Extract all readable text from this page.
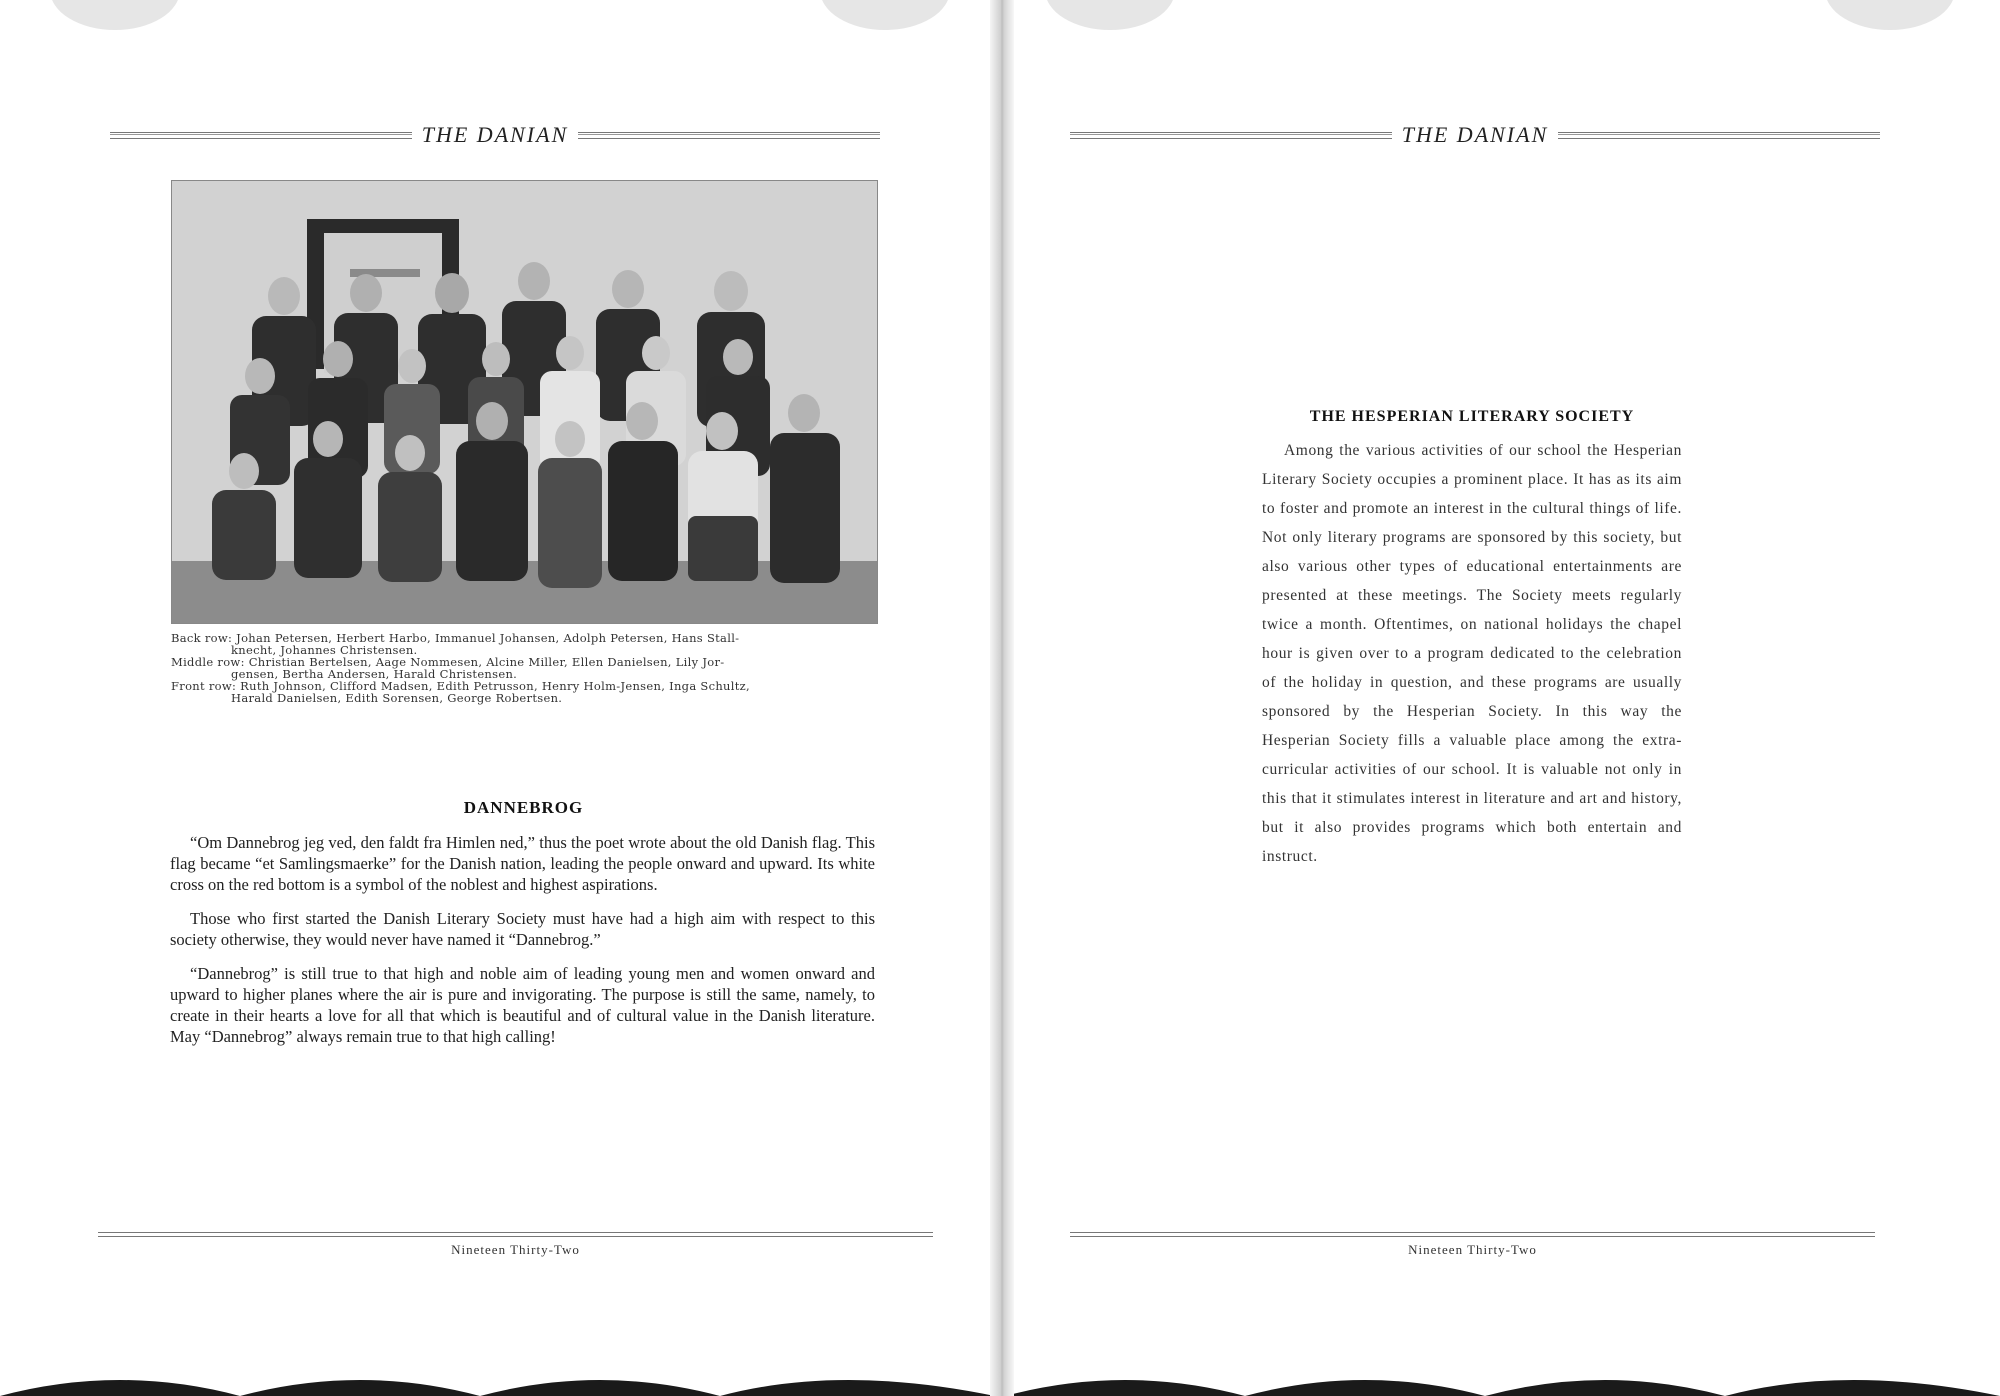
THE DANIAN
Back row: Johan Petersen, Herbert Harbo, Immanuel Johansen, Adolph Petersen, Hans Stall-
knecht, Johannes Christensen.
Middle row: Christian Bertelsen, Aage Nommesen, Alcine Miller, Ellen Danielsen, Lily Jor-
gensen, Bertha Andersen, Harald Christensen.
Front row: Ruth Johnson, Clifford Madsen, Edith Petrusson, Henry Holm-Jensen, Inga Schultz,
Harald Danielsen, Edith Sorensen, George Robertsen.
DANNEBROG

“Om Dannebrog jeg ved, den faldt fra Himlen ned,” thus the poet wrote about the old Danish flag. This flag became “et Samlingsmaerke” for the Danish nation, leading the people onward and upward. Its white cross on the red bottom is a symbol of the noblest and highest aspirations.

Those who first started the Danish Literary Society must have had a high aim with respect to this society otherwise, they would never have named it “Dannebrog.”

“Dannebrog” is still true to that high and noble aim of leading young men and women onward and upward to higher planes where the air is pure and invigorating. The purpose is still the same, namely, to create in their hearts a love for all that which is beautiful and of cultural value in the Danish literature. May “Dannebrog” always remain true to that high calling!

Nineteen Thirty-Two
THE DANIAN
Nineteen Thirty-Two
THE HESPERIAN LITERARY SOCIETY

Among the various activities of our school the Hesperian Literary Society occupies a prominent place. It has as its aim to foster and promote an interest in the cultural things of life. Not only literary programs are sponsored by this society, but also various other types of educational entertainments are presented at these meetings. The Society meets regularly twice a month. Oftentimes, on national holidays the chapel hour is given over to a program dedicated to the celebration of the holiday in question, and these programs are usually sponsored by the Hesperian Society. In this way the Hesperian Society fills a valuable place among the extra-curricular activities of our school. It is valuable not only in this that it stimulates interest in literature and art and history, but it also provides programs which both entertain and instruct.
